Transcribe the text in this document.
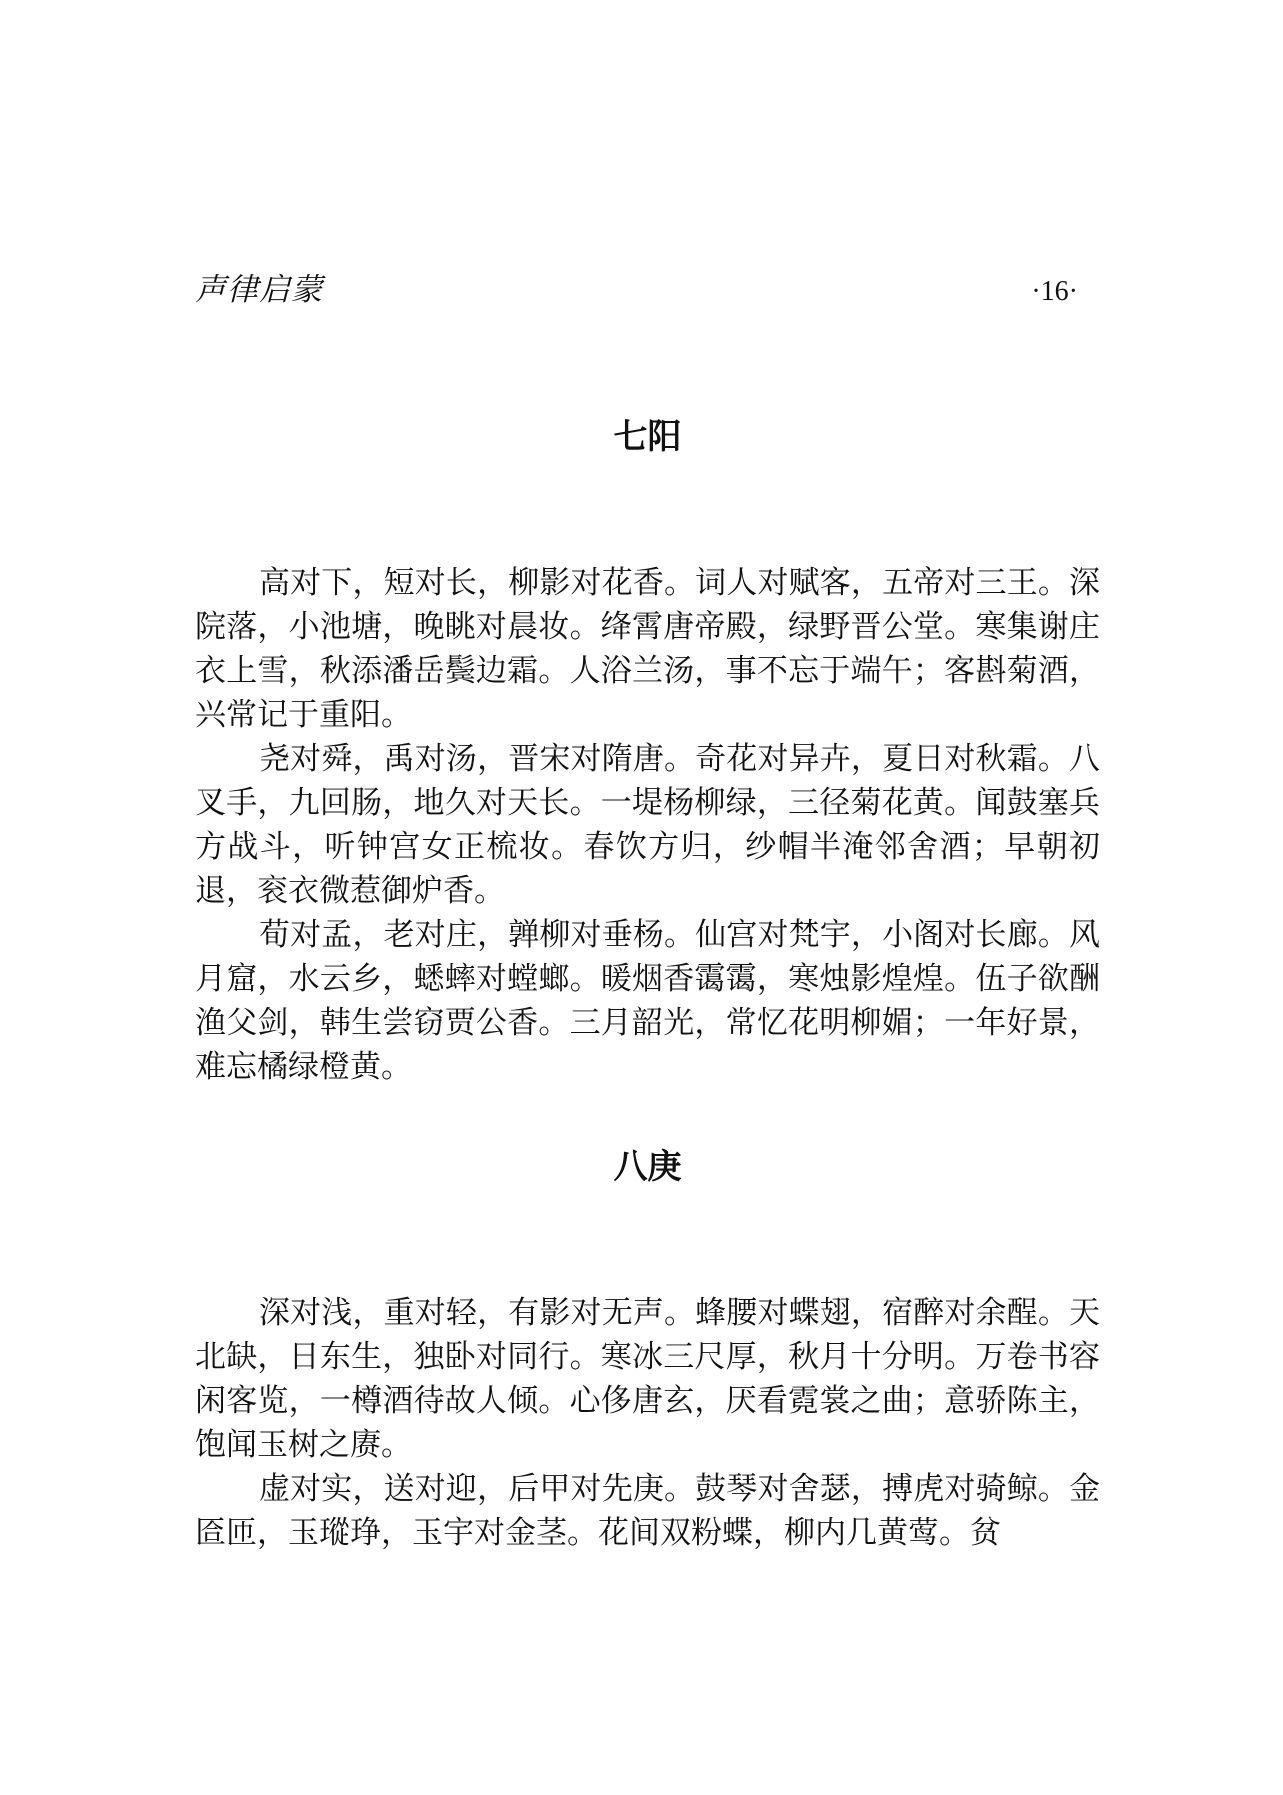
声律启蒙	·16·
七阳

高对下，短对长，柳影对花香。词人对赋客，五帝对三王。深院落，小池塘，晚眺对晨妆。绛霄唐帝殿，绿野晋公堂。寒集谢庄衣上雪，秋添潘岳鬓边霜。人浴兰汤，事不忘于端午；客斟菊酒，兴常记于重阳。

尧对舜，禹对汤，晋宋对隋唐。奇花对异卉，夏日对秋霜。八叉手，九回肠，地久对天长。一堤杨柳绿，三径菊花黄。闻鼓塞兵方战斗，听钟宫女正梳妆。春饮方归，纱帽半淹邻舍酒；早朝初退，衮衣微惹御炉香。

荀对孟，老对庄，亸柳对垂杨。仙宫对梵宇，小阁对长廊。风月窟，水云乡，蟋蟀对螳螂。暖烟香霭霭，寒烛影煌煌。伍子欲酬渔父剑，韩生尝窃贾公香。三月韶光，常忆花明柳媚；一年好景，难忘橘绿橙黄。

八庚

深对浅，重对轻，有影对无声。蜂腰对蝶翅，宿醉对余酲。天北缺，日东生，独卧对同行。寒冰三尺厚，秋月十分明。万卷书容闲客览，一樽酒待故人倾。心侈唐玄，厌看霓裳之曲；意骄陈主，饱闻玉树之赓。

虚对实，送对迎，后甲对先庚。鼓琴对舍瑟，搏虎对骑鲸。金匼匝，玉瑽琤，玉宇对金茎。花间双粉蝶，柳内几黄莺。贫
